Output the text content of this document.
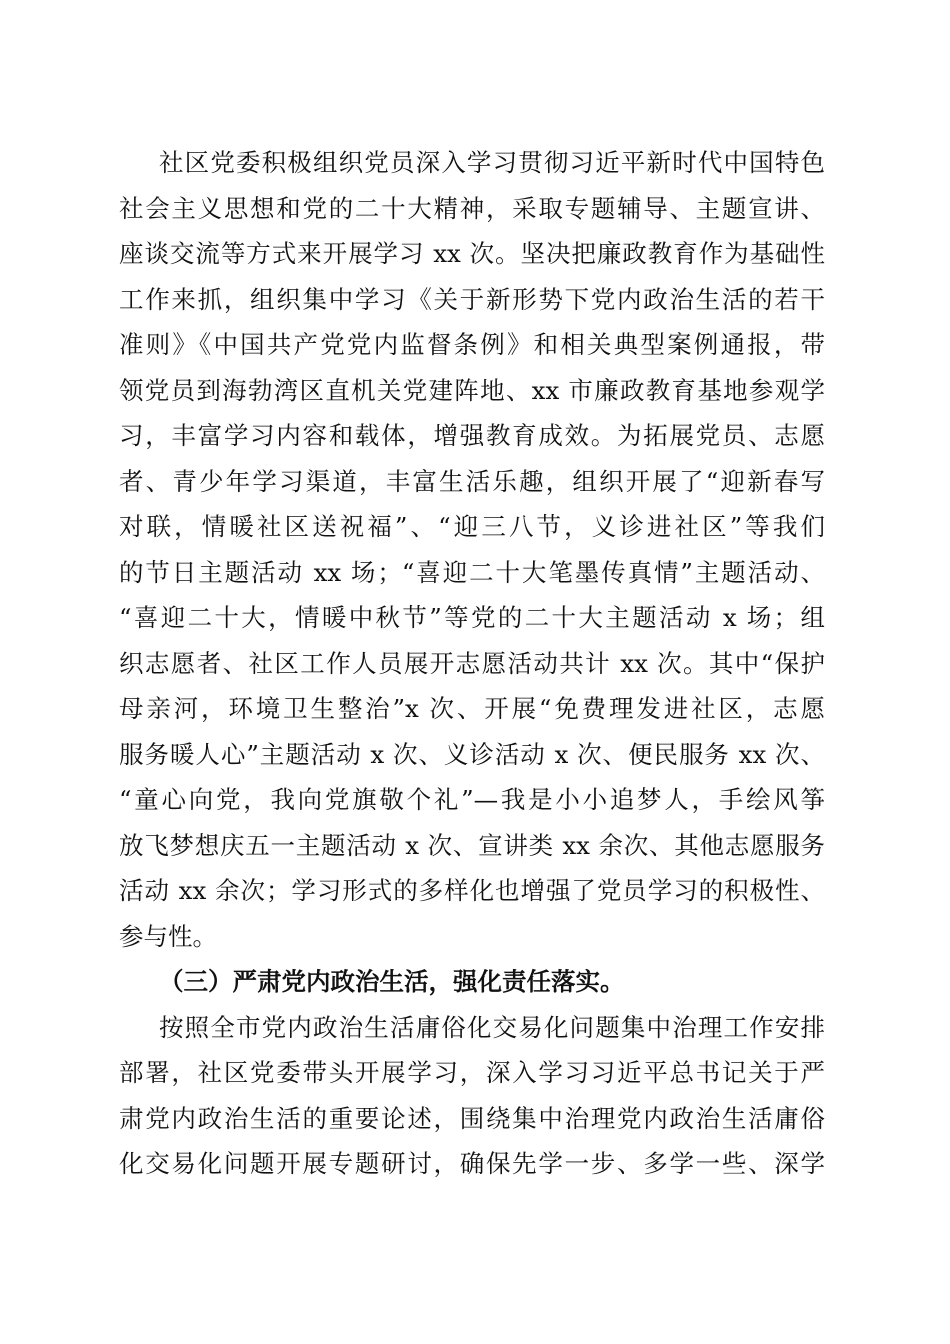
社区党委积极组织党员深入学习贯彻习近平新时代中国特色
社会主义思想和党的二十大精神，采取专题辅导、主题宣讲、
座谈交流等方式来开展学习 xx 次。坚决把廉政教育作为基础性
工作来抓，组织集中学习《关于新形势下党内政治生活的若干
准则》《中国共产党党内监督条例》和相关典型案例通报，带
领党员到海勃湾区直机关党建阵地、xx 市廉政教育基地参观学
习，丰富学习内容和载体，增强教育成效。为拓展党员、志愿
者、青少年学习渠道，丰富生活乐趣，组织开展了“迎新春写
对联，情暖社区送祝福”、“迎三八节，义诊进社区”等我们
的节日主题活动 xx 场；“喜迎二十大笔墨传真情”主题活动、
“喜迎二十大，情暖中秋节”等党的二十大主题活动 x 场；组
织志愿者、社区工作人员展开志愿活动共计 xx 次。其中“保护
母亲河，环境卫生整治”x 次、开展“免费理发进社区，志愿
服务暖人心”主题活动 x 次、义诊活动 x 次、便民服务 xx 次、
“童心向党，我向党旗敬个礼”—我是小小追梦人，手绘风筝
放飞梦想庆五一主题活动 x 次、宣讲类 xx 余次、其他志愿服务
活动 xx 余次；学习形式的多样化也增强了党员学习的积极性、
参与性。
（三）严肃党内政治生活，强化责任落实。
按照全市党内政治生活庸俗化交易化问题集中治理工作安排
部署，社区党委带头开展学习，深入学习习近平总书记关于严
肃党内政治生活的重要论述，围绕集中治理党内政治生活庸俗
化交易化问题开展专题研讨，确保先学一步、多学一些、深学
